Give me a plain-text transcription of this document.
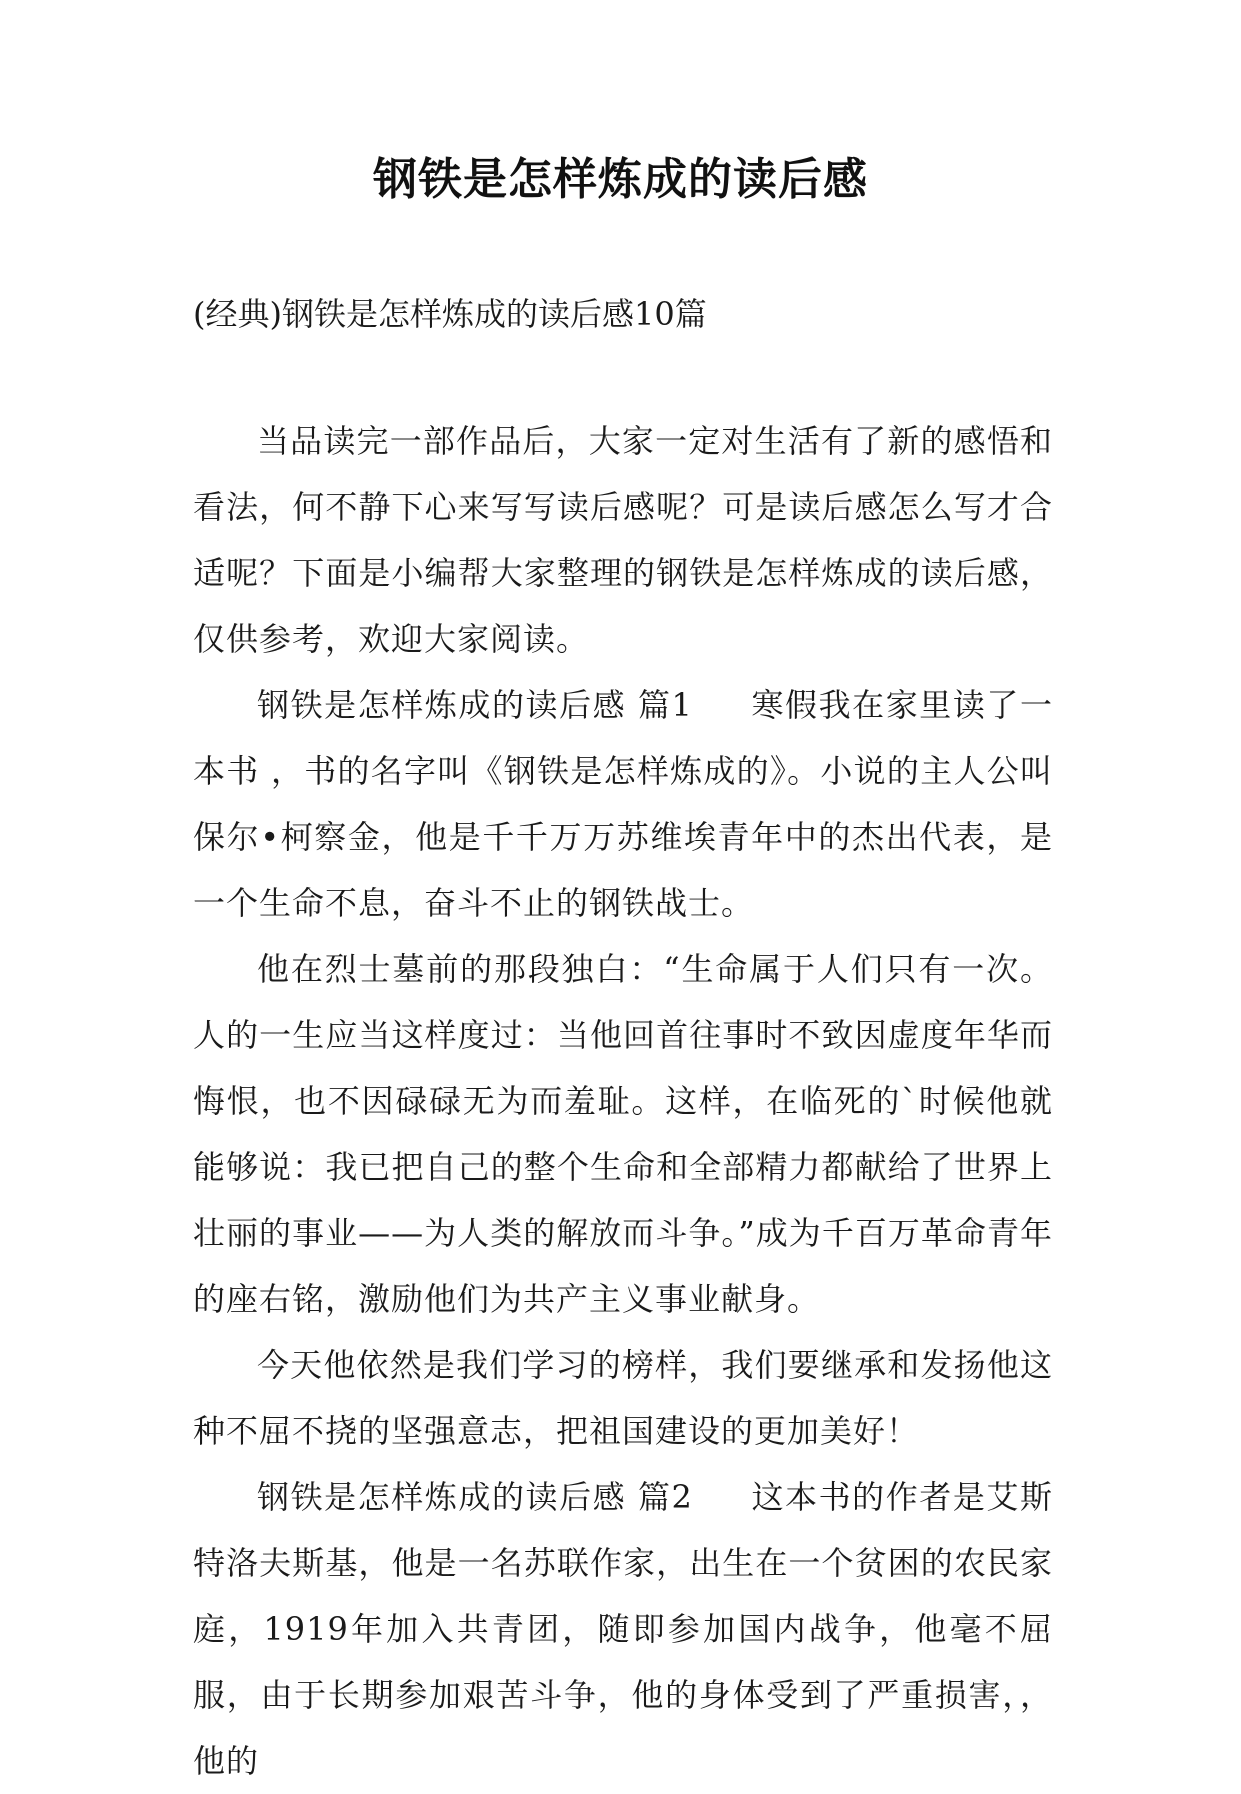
钢铁是怎样炼成的读后感

(经典)钢铁是怎样炼成的读后感10篇

当品读完一部作品后，大家一定对生活有了新的感悟和看法，何不静下心来写写读后感呢？可是读后感怎么写才合适呢？下面是小编帮大家整理的钢铁是怎样炼成的读后感，仅供参考，欢迎大家阅读。

钢铁是怎样炼成的读后感 篇1 寒假我在家里读了一本书 ，书的名字叫《钢铁是怎样炼成的》。小说的主人公叫保尔•柯察金，他是千千万万苏维埃青年中的杰出代表，是一个生命不息，奋斗不止的钢铁战士。

他在烈士墓前的那段独白：“生命属于人们只有一次。人的一生应当这样度过：当他回首往事时不致因虚度年华而悔恨，也不因碌碌无为而羞耻。这样，在临死的`时候他就能够说：我已把自己的整个生命和全部精力都献给了世界上壮丽的事业——为人类的解放而斗争。”成为千百万革命青年的座右铭，激励他们为共产主义事业献身。

今天他依然是我们学习的榜样，我们要继承和发扬他这种不屈不挠的坚强意志，把祖国建设的更加美好！

钢铁是怎样炼成的读后感 篇2 这本书的作者是艾斯特洛夫斯基，他是一名苏联作家，出生在一个贫困的农民家庭，1919年加入共青团，随即参加国内战争，他毫不屈服，由于长期参加艰苦斗争，他的身体受到了严重损害，，他的
